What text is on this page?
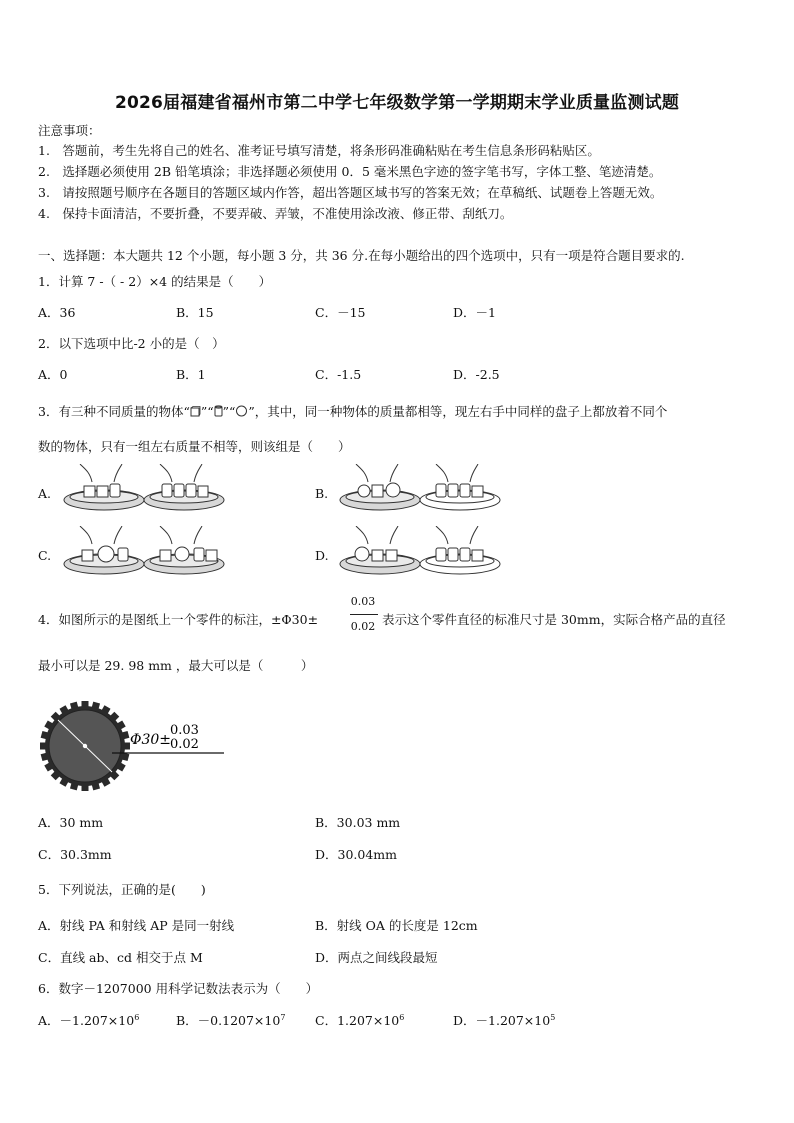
2026届福建省福州市第二中学七年级数学第一学期期末学业质量监测试题
注意事项：
1.　答题前，考生先将自己的姓名、准考证号填写清楚，将条形码准确粘贴在考生信息条形码粘贴区。
2.　选择题必须使用 2B 铅笔填涂；非选择题必须使用 0．5 毫米黑色字迹的签字笔书写，字体工整、笔迹清楚。
3.　请按照题号顺序在各题目的答题区域内作答，超出答题区域书写的答案无效；在草稿纸、试题卷上答题无效。
4.　保持卡面清洁，不要折叠，不要弄破、弄皱，不准使用涂改液、修正带、刮纸刀。
一、选择题：本大题共 12 个小题，每小题 3 分，共 36 分.在每小题给出的四个选项中，只有一项是符合题目要求的.
1．计算 7 -（ - 2）×4 的结果是（　　）
A．36	B．15	C．－15	D．－1
2．以下选项中比-2 小的是（　）
A．0	B．1	C．-1.5	D．-2.5
3．有三种不同质量的物体“ ”“ ”“ ”，其中，同一种物体的质量都相等，现左右手中同样的盘子上都放着不同个
数的物体，只有一组左右质量不相等，则该组是（　　）
A.	B.
C.	D.
4．如图所示的是图纸上一个零件的标注，±Φ30±
0.03
0.02 表示这个零件直径的标准尺寸是 30mm，实际合格产品的直径
最小可以是 29. 98 mm ，最大可以是（　　　）
Φ30±
0.03
0.02
A．30 mm	B．30.03 mm
C．30.3mm	D．30.04mm
5．下列说法，正确的是(　　)
A．射线 PA 和射线 AP 是同一射线	B．射线 OA 的长度是 12cm
C．直线 ab、cd 相交于点 M	D．两点之间线段最短
6．数字－1207000 用科学记数法表示为（　　）
A．$-1.207\times 10^6$	B．$-0.1207\times 10^7$ C．$1.207\times 10^6$	D．$-1.207\times 10^5$
